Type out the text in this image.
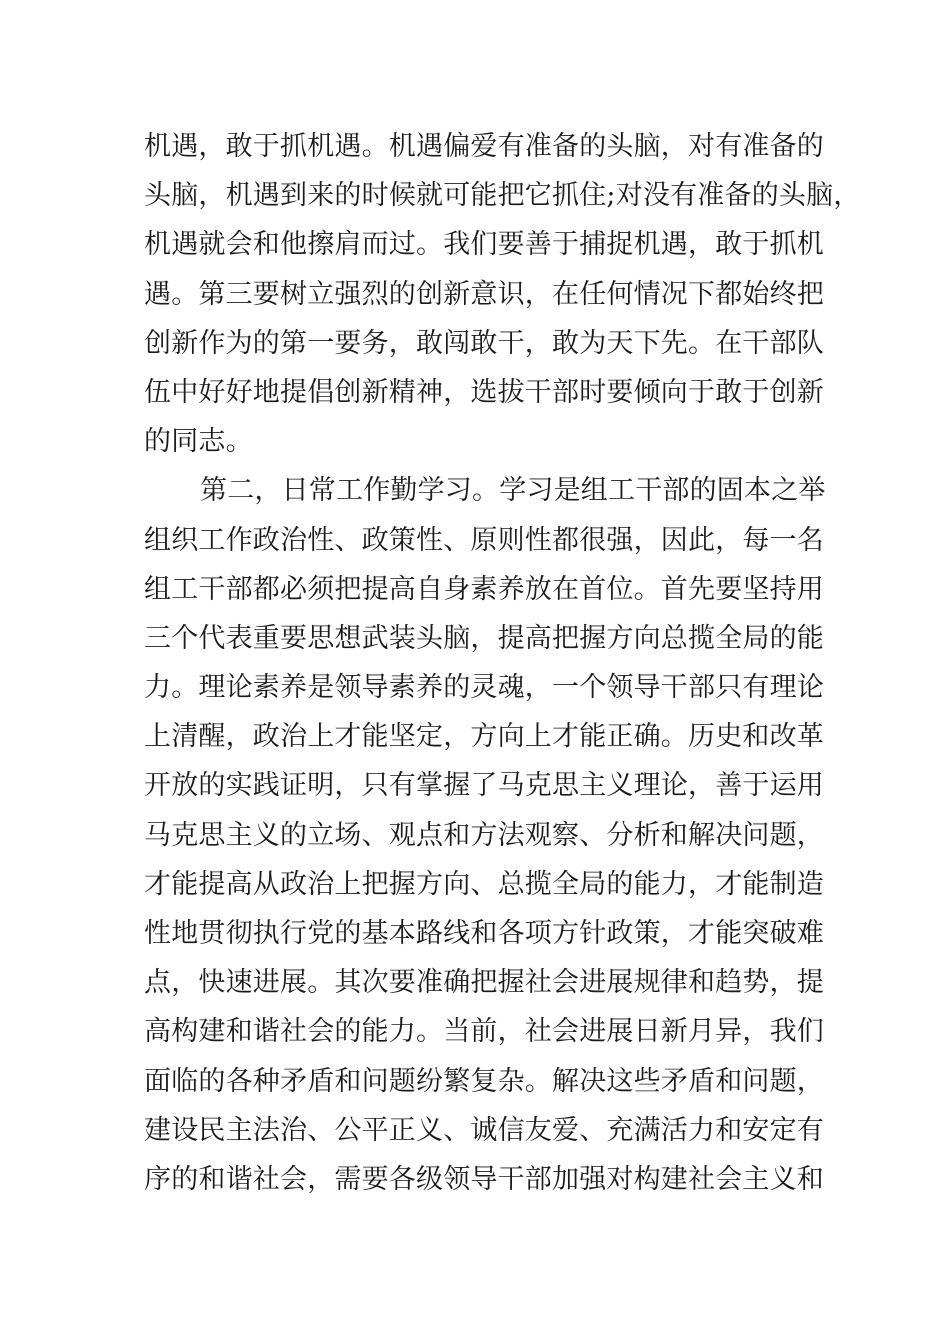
机遇，敢于抓机遇。机遇偏爱有准备的头脑，对有准备的
头脑，机遇到来的时候就可能把它抓住;对没有准备的头脑，
机遇就会和他擦肩而过。我们要善于捕捉机遇，敢于抓机
遇。第三要树立强烈的创新意识，在任何情况下都始终把
创新作为的第一要务，敢闯敢干，敢为天下先。在干部队
伍中好好地提倡创新精神，选拔干部时要倾向于敢于创新
的同志。
第二，日常工作勤学习。学习是组工干部的固本之举
组织工作政治性、政策性、原则性都很强，因此，每一名
组工干部都必须把提高自身素养放在首位。首先要坚持用
三个代表重要思想武装头脑，提高把握方向总揽全局的能
力。理论素养是领导素养的灵魂，一个领导干部只有理论
上清醒，政治上才能坚定，方向上才能正确。历史和改革
开放的实践证明，只有掌握了马克思主义理论，善于运用
马克思主义的立场、观点和方法观察、分析和解决问题，
才能提高从政治上把握方向、总揽全局的能力，才能制造
性地贯彻执行党的基本路线和各项方针政策，才能突破难
点，快速进展。其次要准确把握社会进展规律和趋势，提
高构建和谐社会的能力。当前，社会进展日新月异，我们
面临的各种矛盾和问题纷繁复杂。解决这些矛盾和问题，
建设民主法治、公平正义、诚信友爱、充满活力和安定有
序的和谐社会，需要各级领导干部加强对构建社会主义和
